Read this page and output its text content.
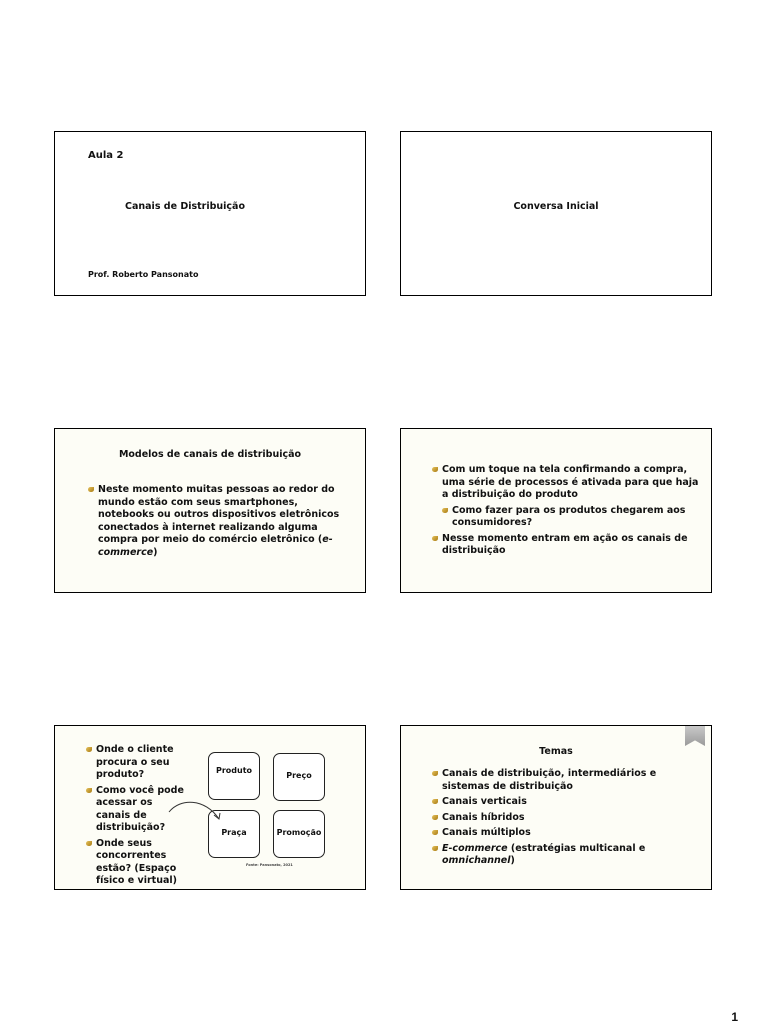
Aula 2
Canais de Distribuição
Prof. Roberto Pansonato
Conversa Inicial
Modelos de canais de distribuição
Neste momento muitas pessoas ao redor do mundo estão com seus smartphones, notebooks ou outros dispositivos eletrônicos conectados à internet realizando alguma compra por meio do comércio eletrônico (e-commerce)
Com um toque na tela confirmando a compra, uma série de processos é ativada para que haja a distribuição do produto
Como fazer para os produtos chegarem aos consumidores?
Nesse momento entram em ação os canais de distribuição
Onde o cliente procura o seu produto?
Como você pode acessar os canais de distribuição?
Onde seus concorrentes estão? (Espaço físico e virtual)
Produto
Preço
Praça	Promoção
Fonte: Pansonato, 2021
Temas
Canais de distribuição, intermediários e sistemas de distribuição
Canais verticais
Canais híbridos
Canais múltiplos
E-commerce (estratégias multicanal e omnichannel)
1
